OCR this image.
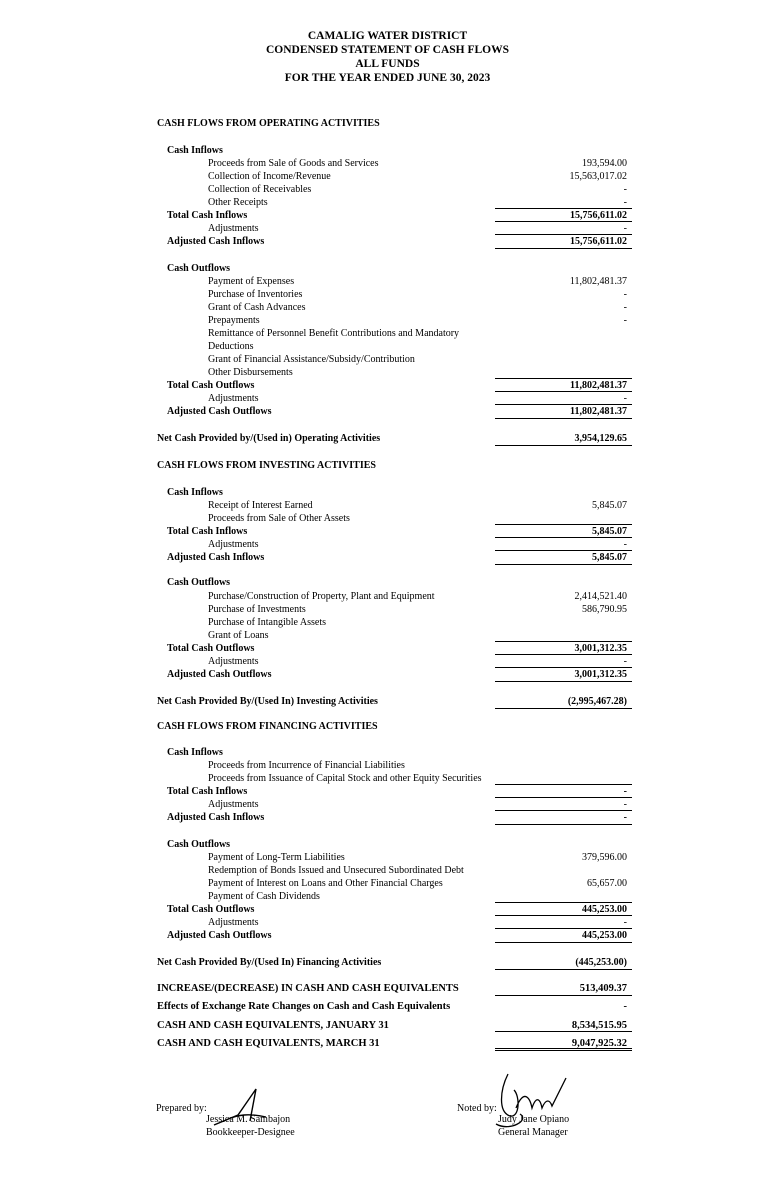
CAMALIG WATER DISTRICT
CONDENSED STATEMENT OF CASH FLOWS
ALL FUNDS
FOR THE YEAR ENDED JUNE 30, 2023
CASH FLOWS FROM OPERATING ACTIVITIES
Cash Inflows
Proceeds from Sale of Goods and Services	193,594.00
Collection of Income/Revenue	15,563,017.02
Collection of Receivables	-
Other Receipts	-
Total Cash Inflows	15,756,611.02
Adjustments	-
Adjusted Cash Inflows	15,756,611.02
Cash Outflows
Payment of Expenses	11,802,481.37
Purchase of Inventories	-
Grant of Cash Advances	-
Prepayments	-
Remittance of Personnel Benefit Contributions and Mandatory
Deductions
Grant of Financial Assistance/Subsidy/Contribution
Other Disbursements
Total Cash Outflows	11,802,481.37
Adjustments	-
Adjusted Cash Outflows	11,802,481.37
Net Cash Provided by/(Used in) Operating Activities	3,954,129.65
CASH FLOWS FROM INVESTING ACTIVITIES
Cash Inflows
Receipt of Interest Earned	5,845.07
Proceeds from Sale of Other Assets
Total Cash Inflows	5,845.07
Adjustments	-
Adjusted Cash Inflows	5,845.07
Cash Outflows
Purchase/Construction of Property, Plant and Equipment	2,414,521.40
Purchase of Investments	586,790.95
Purchase of Intangible Assets
Grant of Loans
Total Cash Outflows	3,001,312.35
Adjustments	-
Adjusted Cash Outflows	3,001,312.35
Net Cash Provided By/(Used In) Investing Activities	(2,995,467.28)
CASH FLOWS FROM FINANCING ACTIVITIES
Cash Inflows
Proceeds from Incurrence of Financial Liabilities
Proceeds from Issuance of Capital Stock and other Equity Securities
Total Cash Inflows	-
Adjustments	-
Adjusted Cash Inflows	-
Cash Outflows
Payment of Long-Term Liabilities	379,596.00
Redemption of Bonds Issued and Unsecured Subordinated Debt
Payment of Interest on Loans and Other Financial Charges	65,657.00
Payment of Cash Dividends
Total Cash Outflows	445,253.00
Adjustments	-
Adjusted Cash Outflows	445,253.00
Net Cash Provided By/(Used In) Financing Activities	(445,253.00)
INCREASE/(DECREASE) IN CASH AND CASH EQUIVALENTS	513,409.37
Effects of Exchange Rate Changes on Cash and Cash Equivalents	-
CASH AND CASH EQUIVALENTS, JANUARY 31	8,534,515.95
CASH AND CASH EQUIVALENTS, MARCH 31	9,047,925.32
Prepared by:
Jessica M. Sambajon
Bookkeeper-Designee
Noted by:
Judy Jane Opiano
General Manager
